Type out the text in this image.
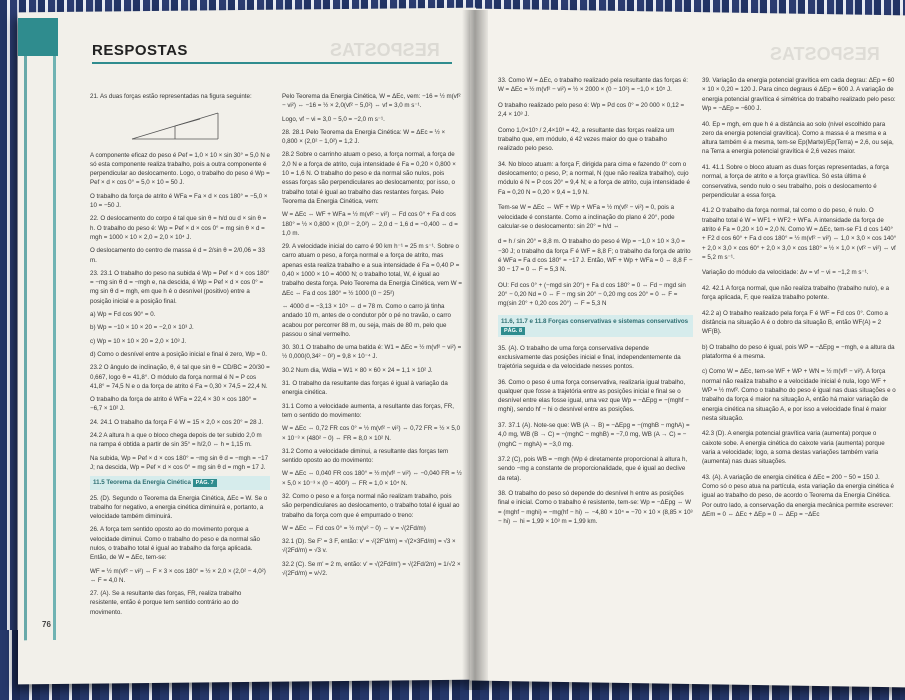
RESPOSTAS	RESPOSTAS	RESPOSTAS

21. As duas forças estão representadas na figura seguinte:

A componente eficaz do peso é Pef = 1,0 × 10 × sin 30° = 5,0 N e só esta componente realiza trabalho, pois a outra componente é perpendicular ao deslocamento. Logo, o trabalho do peso é Wp = Pef × d × cos 0° = 5,0 × 10 = 50 J.

O trabalho da força de atrito é WFa = Fa × d × cos 180° = −5,0 × 10 = −50 J.

22. O deslocamento do corpo é tal que sin θ = h/d ou d × sin θ = h. O trabalho do peso é: Wp = Pef × d × cos 0° = mg sin θ × d = mgh = 1000 × 10 × 2,0 = 2,0 × 10⁴ J.

O deslocamento do centro de massa é d = 2/sin θ = 2/0,06 = 33 m.

23. 23.1 O trabalho do peso na subida é Wp = Pef × d × cos 180° = −mg sin θ d = −mgh e, na descida, é Wp = Pef × d × cos 0° = mg sin θ d = mgh, em que h é o desnível (positivo) entre a posição inicial e a posição final.

a) Wp = Fd cos 90° = 0.

b) Wp = −10 × 10 × 20 = −2,0 × 10³ J.

c) Wp = 10 × 10 × 20 = 2,0 × 10³ J.

d) Como o desnível entre a posição inicial e final é zero, Wp = 0.

23.2 O ângulo de inclinação, θ, é tal que sin θ = CD/BC = 20/30 = 0,667, logo θ = 41,8°. O módulo da força normal é N = P cos 41,8° = 74,5 N e o da força de atrito é Fa = 0,30 × 74,5 = 22,4 N.

O trabalho da força de atrito é WFa = 22,4 × 30 × cos 180° = −6,7 × 10² J.

24. 24.1 O trabalho da força F é W = 15 × 2,0 × cos 20° = 28 J.

24.2 A altura h a que o bloco chega depois de ter subido 2,0 m na rampa é obtida a partir de sin 35° = h/2,0 ⇔ h = 1,15 m.

Na subida, Wp = Pef × d × cos 180° = −mg sin θ d = −mgh = −17 J; na descida, Wp = Pef × d × cos 0° = mg sin θ d = mgh = 17 J.

11.5 Teorema da Energia Cinética PÁG. 7

25. (D). Segundo o Teorema da Energia Cinética, ΔEc = W. Se o trabalho for negativo, a energia cinética diminuirá e, portanto, a velocidade também diminuirá.

26. A força tem sentido oposto ao do movimento porque a velocidade diminui. Como o trabalho do peso e da normal são nulos, o trabalho total é igual ao trabalho da força aplicada. Então, de W = ΔEc, tem-se:

WF = ½ m(vf² − vi²) ⇔ F × 3 × cos 180° = ½ × 2,0 × (2,0² − 4,0²) ⇔ F = 4,0 N.

27. (A). Se a resultante das forças, FR, realiza trabalho resistente, então é porque tem sentido contrário ao do movimento.

Pelo Teorema da Energia Cinética, W = ΔEc, vem: −16 = ½ m(vf² − vi²) ⇔ −16 = ½ × 2,0(vf² − 5,0²) ⇔ vf = 3,0 m s⁻¹.

Logo, vf − vi = 3,0 − 5,0 = −2,0 m s⁻¹.

28. 28.1 Pelo Teorema da Energia Cinética: W = ΔEc = ½ × 0,800 × (2,0² − 1,0²) = 1,2 J.

28.2 Sobre o carrinho atuam o peso, a força normal, a força de 2,0 N e a força de atrito, cuja intensidade é Fa = 0,20 × 0,800 × 10 = 1,6 N. O trabalho do peso e da normal são nulos, pois essas forças são perpendiculares ao deslocamento; por isso, o trabalho total é igual ao trabalho das restantes forças. Pelo Teorema da Energia Cinética, vem:

W = ΔEc ⇔ WF + WFa = ½ m(vf² − vi²) ⇔ Fd cos 0° + Fa d cos 180° = ½ × 0,800 × (0,0² − 2,0²) ⇔ 2,0 d − 1,6 d = −0,400 ⇔ d = 1,0 m.

29. A velocidade inicial do carro é 90 km h⁻¹ = 25 m s⁻¹. Sobre o carro atuam o peso, a força normal e a força de atrito, mas apenas esta realiza trabalho e a sua intensidade é Fa = 0,40 P = 0,40 × 1000 × 10 = 4000 N; o trabalho total, W, é igual ao trabalho desta força. Pelo Teorema da Energia Cinética, vem W = ΔEc ⇔ Fa d cos 180° = ½ 1000 (0 − 25²)

⇔ 4000 d = −3,13 × 10⁵ ⇔ d = 78 m. Como o carro já tinha andado 10 m, antes de o condutor pôr o pé no travão, o carro acabou por percorrer 88 m, ou seja, mais de 80 m, pelo que passou o sinal vermelho.

30. 30.1 O trabalho de uma batida é: W1 = ΔEc = ½ m(vf² − vi²) = ½ 0,000(0,34² − 0²) = 9,8 × 10⁻⁴ J.

30.2 Num dia, Wdia = W1 × 80 × 60 × 24 = 1,1 × 10² J.

31. O trabalho da resultante das forças é igual à variação da energia cinética.

31.1 Como a velocidade aumenta, a resultante das forças, FR, tem o sentido do movimento:

W = ΔEc ⇔ 0,72 FR cos 0° = ½ m(vf² − vi²) ⇔ 0,72 FR = ½ × 5,0 × 10⁻³ × (480² − 0) ⇔ FR = 8,0 × 10² N.

31.2 Como a velocidade diminui, a resultante das forças tem sentido oposto ao do movimento:

W = ΔEc ⇔ 0,040 FR cos 180° = ½ m(vf² − vi²) ⇔ −0,040 FR = ½ × 5,0 × 10⁻³ × (0 − 400²) ⇔ FR = 1,0 × 10⁴ N.

32. Como o peso e a força normal não realizam trabalho, pois são perpendiculares ao deslocamento, o trabalho total é igual ao trabalho da força com que é empurrado o treno:

W = ΔEc ⇔ Fd cos 0° = ½ m(v² − 0) ⇔ v = √(2Fd/m)

32.1 (D). Se F' = 3 F, então: v' = √(2F'd/m) = √(2×3Fd/m) = √3 × √(2Fd/m) = √3 v.

32.2 (C). Se m' = 2 m, então: v' = √(2Fd/m') = √(2Fd/2m) = 1/√2 × √(2Fd/m) = v/√2.

33. Como W = ΔEc, o trabalho realizado pela resultante das forças é: W = ΔEc = ½ m(vf² − vi²) = ½ × 2000 × (0 − 10²) = −1,0 × 10⁵ J.

O trabalho realizado pelo peso é: Wp = Pd cos 0° = 20 000 × 0,12 = 2,4 × 10³ J.

Como 1,0×10⁵ / 2,4×10³ = 42, a resultante das forças realiza um trabalho que, em módulo, é 42 vezes maior do que o trabalho realizado pelo peso.

34. No bloco atuam: a força F, dirigida para cima e fazendo 0° com o deslocamento; o peso, P; a normal, N (que não realiza trabalho), cujo módulo é N = P cos 20° = 9,4 N; e a força de atrito, cuja intensidade é Fa = 0,20 N = 0,20 × 9,4 = 1,9 N.

Tem-se W = ΔEc ⇔ WF + Wp + WFa = ½ m(vf² − vi²) = 0, pois a velocidade é constante. Como a inclinação do plano é 20°, pode calcular-se o deslocamento: sin 20° = h/d ⇔

d = h / sin 20° = 8,8 m. O trabalho do peso é Wp = −1,0 × 10 × 3,0 = −30 J; o trabalho da força F é WF = 8,8 F; o trabalho da força de atrito é WFa = Fa d cos 180° = −17 J. Então, WF + Wp + WFa = 0 ⇔ 8,8 F − 30 − 17 = 0 ⇔ F = 5,3 N.

OU: Fd cos 0° + (−mgd sin 20°) + Fa d cos 180° = 0 ⇔ Fd − mgd sin 20° − 0,20 Nd = 0 ⇔ F − mg sin 20° − 0,20 mg cos 20° = 0 ⇔ F = mg(sin 20° + 0,20 cos 20°) ⇔ F = 5,3 N

11.6, 11.7 e 11.8 Forças conservativas e sistemas conservativos PÁG. 8

35. (A). O trabalho de uma força conservativa depende exclusivamente das posições inicial e final, independentemente da trajetória seguida e da velocidade nesses pontos.

36. Como o peso é uma força conservativa, realizaria igual trabalho, qualquer que fosse a trajetória entre as posições inicial e final se o desnível entre elas fosse igual, uma vez que Wp = −ΔEpg = −(mghf − mghi), sendo hf − hi o desnível entre as posições.

37. 37.1 (A). Note-se que: WB (A → B) = −ΔEpg = −(mghB − mghA) = 4,0 mg, WB (B → C) = −(mghC − mghB) = −7,0 mg, WB (A → C) = −(mghC − mghA) = −3,0 mg.

37.2 (C), pois WB = −mgh (Wp é diretamente proporcional à altura h, sendo −mg a constante de proporcionalidade, que é igual ao declive da reta).

38. O trabalho do peso só depende do desnível h entre as posições final e inicial. Como o trabalho é resistente, tem-se: Wp = −ΔEpg ⇔ W = (mghf − mghi) = −mg(hf − hi) ⇔ −4,80 × 10⁴ = −70 × 10 × (8,85 × 10³ − hi) ⇔ hi = 1,99 × 10³ m = 1,99 km.

39. Variação da energia potencial gravítica em cada degrau: ΔEp = 60 × 10 × 0,20 = 120 J. Para cinco degraus é ΔEp = 600 J. A variação de energia potencial gravítica é simétrica do trabalho realizado pelo peso: Wp = −ΔEp = −600 J.

40. Ep = mgh, em que h é a distância ao solo (nível escolhido para zero da energia potencial gravítica). Como a massa é a mesma e a altura também é a mesma, tem-se Ep(Marte)/Ep(Terra) = 2,6, ou seja, na Terra a energia potencial gravítica é 2,6 vezes maior.

41. 41.1 Sobre o bloco atuam as duas forças representadas, a força normal, a força de atrito e a força gravítica. Só esta última é conservativa, sendo nulo o seu trabalho, pois o deslocamento é perpendicular a essa força.

41.2 O trabalho da força normal, tal como o do peso, é nulo. O trabalho total é W = WF1 + WF2 + WFa. A intensidade da força de atrito é Fa = 0,20 × 10 = 2,0 N. Como W = ΔEc, tem-se F1 d cos 140° + F2 d cos 60° + Fa d cos 180° = ½ m(vf² − vi²) ⇔ 1,0 × 3,0 × cos 140° + 2,0 × 3,0 × cos 60° + 2,0 × 3,0 × cos 180° = ½ × 1,0 × (vf² − vi²) ⇔ vf = 5,2 m s⁻¹.

Variação do módulo da velocidade: Δv = vf − vi = −1,2 m s⁻¹.

42. 42.1 A força normal, que não realiza trabalho (trabalho nulo), e a força aplicada, F, que realiza trabalho potente.

42.2 a) O trabalho realizado pela força F é WF = Fd cos 0°. Como a distância na situação A é o dobro da situação B, então WF(A) = 2 WF(B).

b) O trabalho do peso é igual, pois WP = −ΔEpg = −mgh, e a altura da plataforma é a mesma.

c) Como W = ΔEc, tem-se WF + WP + WN = ½ m(vf² − vi²). A força normal não realiza trabalho e a velocidade inicial é nula, logo WF + WP = ½ mvf². Como o trabalho do peso é igual nas duas situações e o trabalho da força é maior na situação A, então há maior variação de energia cinética na situação A, e por isso a velocidade final é maior nesta situação.

42.3 (D). A energia potencial gravítica varia (aumenta) porque o caixote sobe. A energia cinética do caixote varia (aumenta) porque varia a velocidade; logo, a soma destas variações também varia (aumenta) nas duas situações.

43. (A). A variação de energia cinética é ΔEc = 200 − 50 = 150 J. Como só o peso atua na partícula, esta variação da energia cinética é igual ao trabalho do peso, de acordo o Teorema da Energia Cinética. Por outro lado, a conservação da energia mecânica permite escrever: ΔEm = 0 ⇔ ΔEc + ΔEp = 0 ⇔ ΔEp = −ΔEc

76
